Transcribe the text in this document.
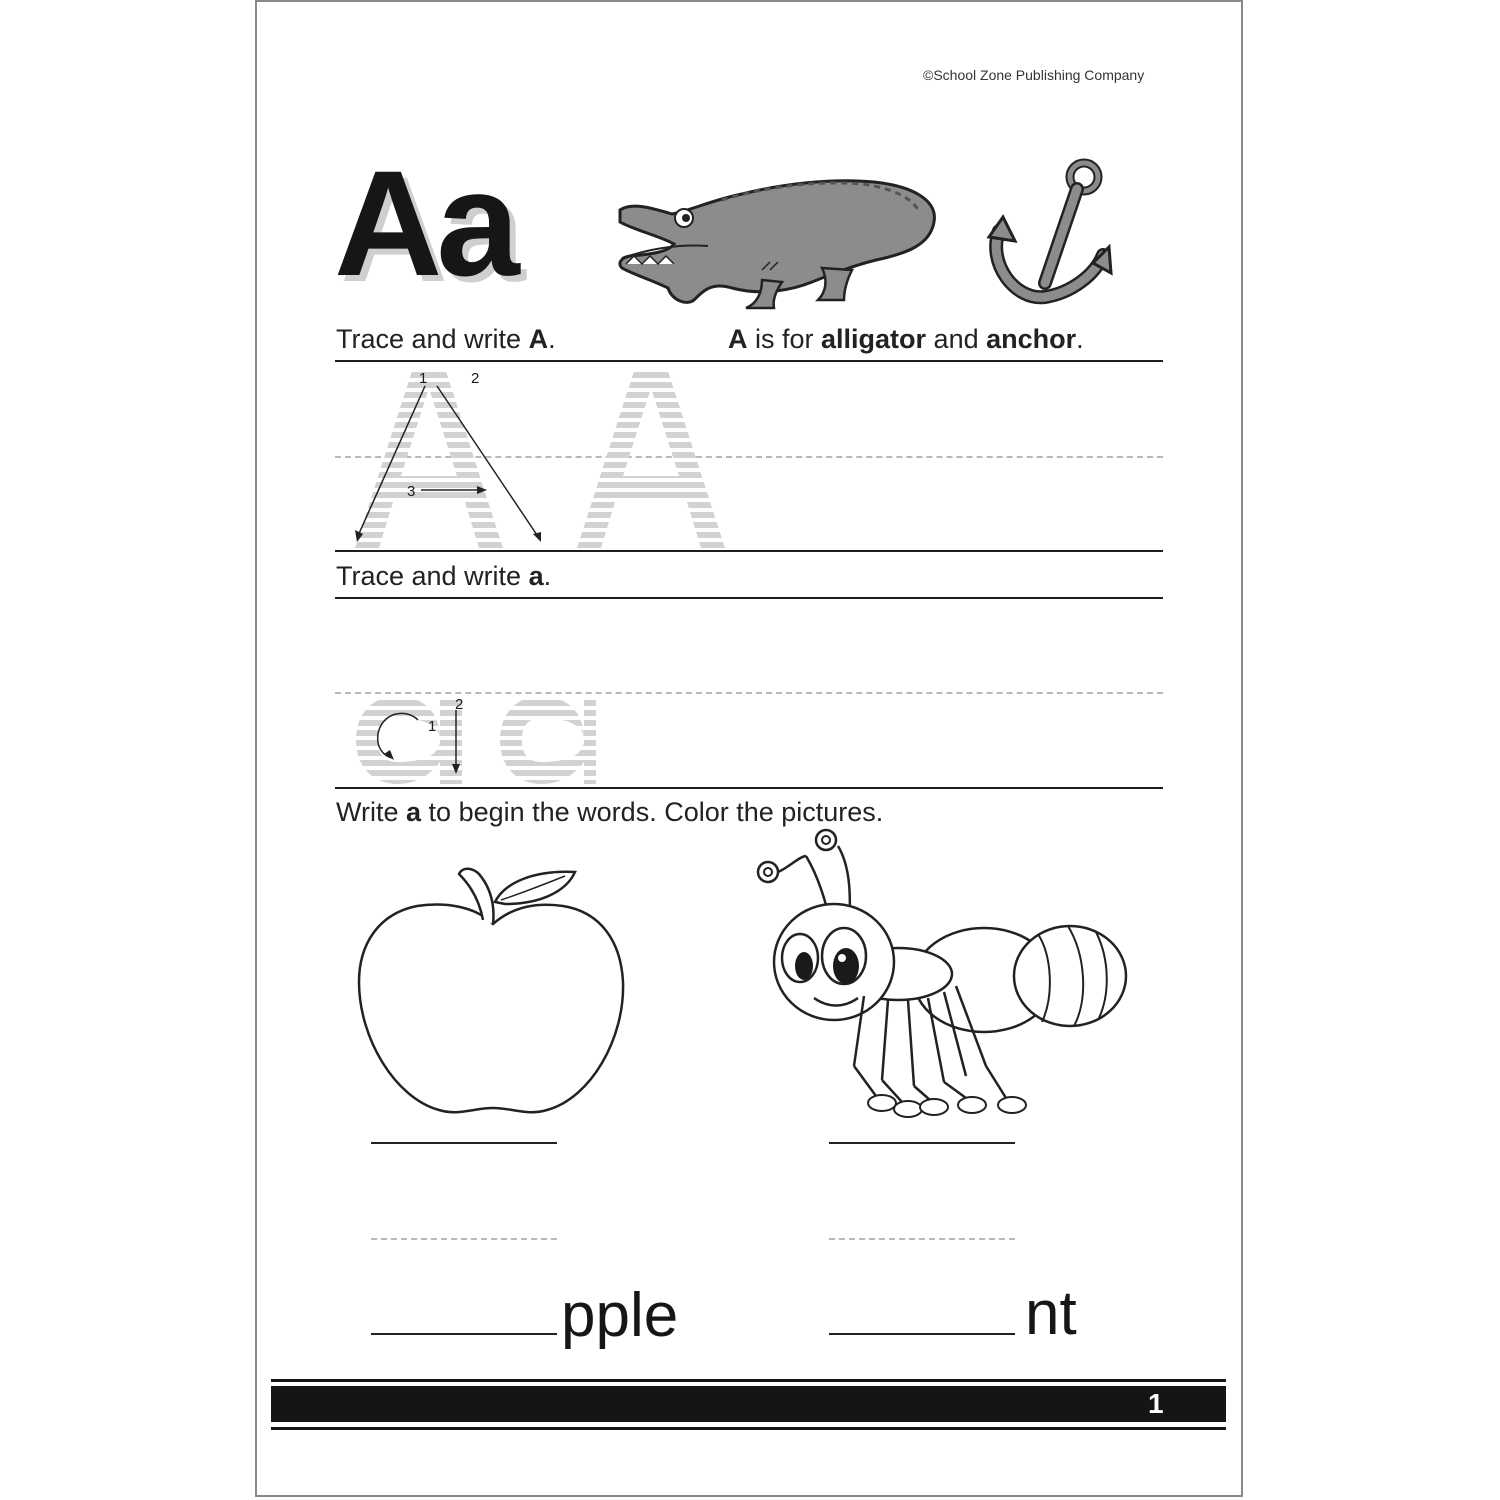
©School Zone Publishing Company
Aa
Trace and write A.	A is for alligator and anchor.
1	2
3
Trace and write a.
1
2
Write a to begin the words. Color the pictures.
pple	nt
1
